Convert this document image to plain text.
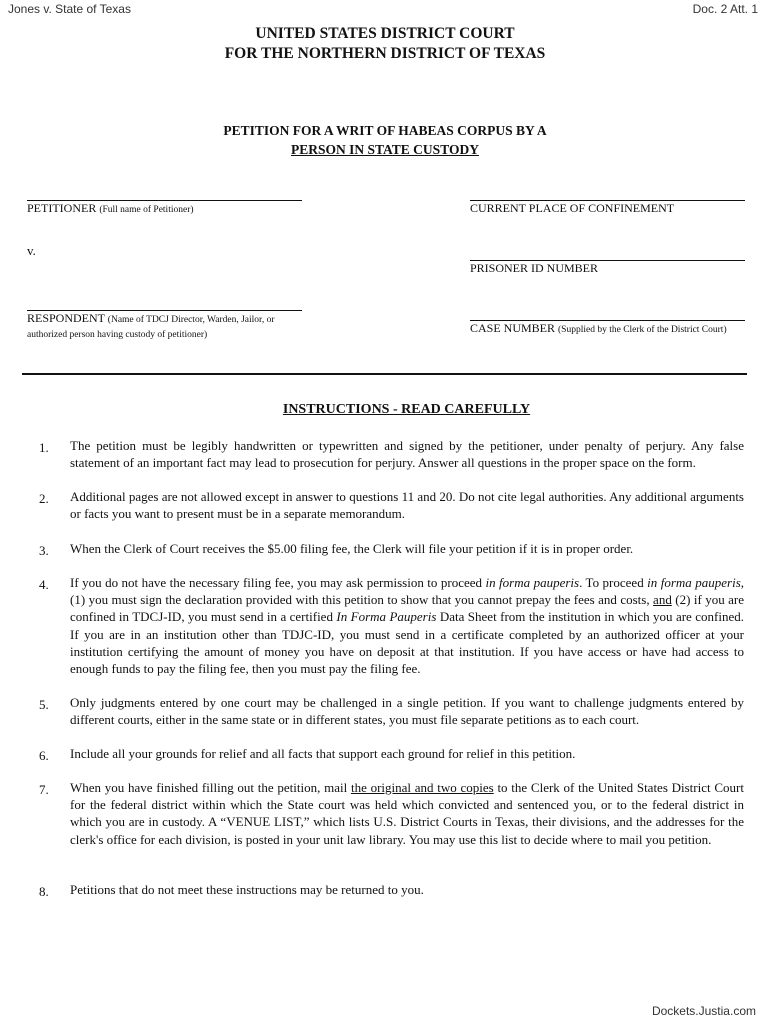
Jones v. State of Texas	Doc. 2 Att. 1
UNITED STATES DISTRICT COURT
FOR THE NORTHERN DISTRICT OF TEXAS
PETITION FOR A WRIT OF HABEAS CORPUS BY A
PERSON IN STATE CUSTODY
PETITIONER (Full name of Petitioner)
v.
RESPONDENT (Name of TDCJ Director, Warden, Jailor, or
authorized person having custody of petitioner)
CURRENT PLACE OF CONFINEMENT
PRISONER ID NUMBER
CASE NUMBER (Supplied by the Clerk of the District Court)
INSTRUCTIONS - READ CAREFULLY
1. The petition must be legibly handwritten or typewritten and signed by the petitioner, under penalty of perjury. Any false statement of an important fact may lead to prosecution for perjury. Answer all questions in the proper space on the form.
2. Additional pages are not allowed except in answer to questions 11 and 20. Do not cite legal authorities. Any additional arguments or facts you want to present must be in a separate memorandum.
3. When the Clerk of Court receives the $5.00 filing fee, the Clerk will file your petition if it is in proper order.
4. If you do not have the necessary filing fee, you may ask permission to proceed in forma pauperis. To proceed in forma pauperis, (1) you must sign the declaration provided with this petition to show that you cannot prepay the fees and costs, and (2) if you are confined in TDCJ-ID, you must send in a certified In Forma Pauperis Data Sheet from the institution in which you are confined. If you are in an institution other than TDJC-ID, you must send in a certificate completed by an authorized officer at your institution certifying the amount of money you have on deposit at that institution. If you have access or have had access to enough funds to pay the filing fee, then you must pay the filing fee.
5. Only judgments entered by one court may be challenged in a single petition. If you want to challenge judgments entered by different courts, either in the same state or in different states, you must file separate petitions as to each court.
6. Include all your grounds for relief and all facts that support each ground for relief in this petition.
7. When you have finished filling out the petition, mail the original and two copies to the Clerk of the United States District Court for the federal district within which the State court was held which convicted and sentenced you, or to the federal district in which you are in custody. A “VENUE LIST,” which lists U.S. District Courts in Texas, their divisions, and the addresses for the clerk's office for each division, is posted in your unit law library. You may use this list to decide where to mail you petition.
8. Petitions that do not meet these instructions may be returned to you.
Dockets.Justia.com
